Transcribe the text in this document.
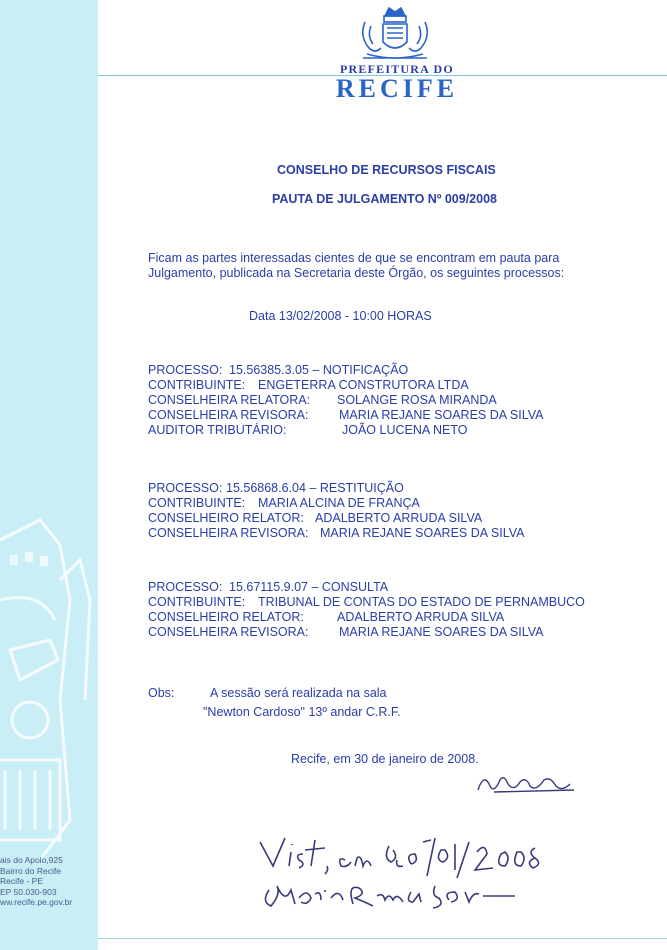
ais do Apolo,925
Bairro do Recife
Recife - PE
EP 50.030-903
ww.recife.pe.gov.br
PREFEITURA DO
RECIFE
CONSELHO DE RECURSOS FISCAIS
PAUTA DE JULGAMENTO Nº 009/2008
Ficam as partes interessadas cientes de que se encontram em pauta para
Julgamento, publicada na Secretaria deste Órgão, os seguintes processos:
Data 13/02/2008 - 10:00 HORAS
PROCESSO: 15.56385.3.05 – NOTIFICAÇÃO
CONTRIBUINTE: ENGETERRA CONSTRUTORA LTDA
CONSELHEIRA RELATORA: SOLANGE ROSA MIRANDA
CONSELHEIRA REVISORA: MARIA REJANE SOARES DA SILVA
AUDITOR TRIBUTÁRIO:	JOÃO LUCENA NETO
PROCESSO: 15.56868.6.04 – RESTITUIÇÃO
CONTRIBUINTE: MARIA ALCINA DE FRANÇA
CONSELHEIRO RELATOR: ADALBERTO ARRUDA SILVA
CONSELHEIRA REVISORA: MARIA REJANE SOARES DA SILVA
PROCESSO: 15.67115.9.07 – CONSULTA
CONTRIBUINTE: TRIBUNAL DE CONTAS DO ESTADO DE PERNAMBUCO
CONSELHEIRO RELATOR:	ADALBERTO ARRUDA SILVA
CONSELHEIRA REVISORA: MARIA REJANE SOARES DA SILVA
Obs:	A sessão será realizada na sala
"Newton Cardoso" 13º andar C.R.F.
Recife, em 30 de janeiro de 2008.
Maria Rejane Soares
